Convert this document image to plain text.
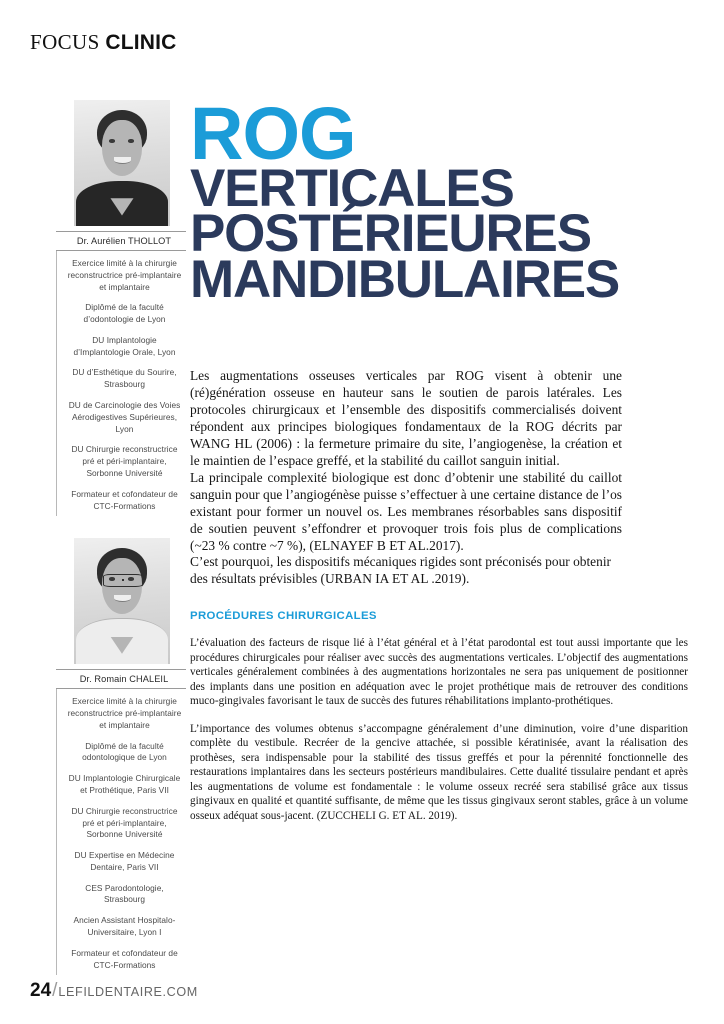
FOCUS CLINIC
Dr. Aurélien THOLLOT

Exercice limité à la chirurgie reconstructrice pré-implantaire et implantaire

Diplômé de la faculté d’odontologie de Lyon

DU Implantologie d’Implantologie Orale, Lyon

DU d’Esthétique du Sourire, Strasbourg

DU de Carcinologie des Voies Aérodigestives Supérieures, Lyon

DU Chirurgie reconstructrice pré et péri-implantaire, Sorbonne Université

Formateur et cofondateur de CTC-Formations

Dr. Romain CHALEIL

Exercice limité à la chirurgie reconstructrice pré-implantaire et implantaire

Diplômé de la faculté odontologique de Lyon

DU Implantologie Chirurgicale et Prothétique, Paris VII

DU Chirurgie reconstructrice pré et péri-implantaire, Sorbonne Université

DU Expertise en Médecine Dentaire, Paris VII

CES Parodontologie, Strasbourg

Ancien Assistant Hospitalo-Universitaire, Lyon I

Formateur et cofondateur de CTC-Formations

ROG
VERTICALES
POSTÉRIEURES
MANDIBULAIRES

Les augmentations osseuses verticales par ROG visent à obtenir une (ré)génération osseuse en hauteur sans le soutien de parois latérales. Les protocoles chirurgicaux et l’ensemble des dispositifs commercialisés doivent répondent aux principes biologiques fondamentaux de la ROG décrits par WANG HL (2006) : la fermeture primaire du site, l’angiogenèse, la création et le maintien de l’espace greffé, et la stabilité du caillot sanguin initial.

La principale complexité biologique est donc d’obtenir une stabilité du caillot sanguin pour que l’angiogénèse puisse s’effectuer à une certaine distance de l’os existant pour former un nouvel os. Les membranes résorbables sans dispositif de soutien peuvent s’effondrer et provoquer trois fois plus de complications (~23 % contre ~7 %), (ELNAYEF B ET AL.2017).

C’est pourquoi, les dispositifs mécaniques rigides sont préconisés pour obtenir des résultats prévisibles (URBAN IA ET AL .2019).

PROCÉDURES CHIRURGICALES

L’évaluation des facteurs de risque lié à l’état général et à l’état parodontal est tout aussi importante que les procédures chirurgicales pour réaliser avec succès des augmentations verticales. L’objectif des augmentations verticales généralement combinées à des augmentations horizontales ne sera pas uniquement de positionner des implants dans une position en adéquation avec le projet prothétique mais de retrouver des conditions muco-gingivales favorisant le taux de succès des futures réhabilitations implanto-prothétiques.

L’importance des volumes obtenus s’accompagne généralement d’une diminution, voire d’une disparition complète du vestibule. Recréer de la gencive attachée, si possible kératinisée, avant la réalisation des prothèses, sera indispensable pour la stabilité des tissus greffés et pour la pérennité fonctionnelle des restaurations implantaires dans les secteurs postérieurs mandibulaires. Cette dualité tissulaire pendant et après les augmentations de volume est fondamentale : le volume osseux recréé sera stabilisé grâce aux tissus gingivaux en qualité et quantité suffisante, de même que les tissus gingivaux seront stables, grâce à un volume osseux adéquat sous-jacent. (ZUCCHELI G. ET AL. 2019).

24 / LEFILDENTAIRE.COM
